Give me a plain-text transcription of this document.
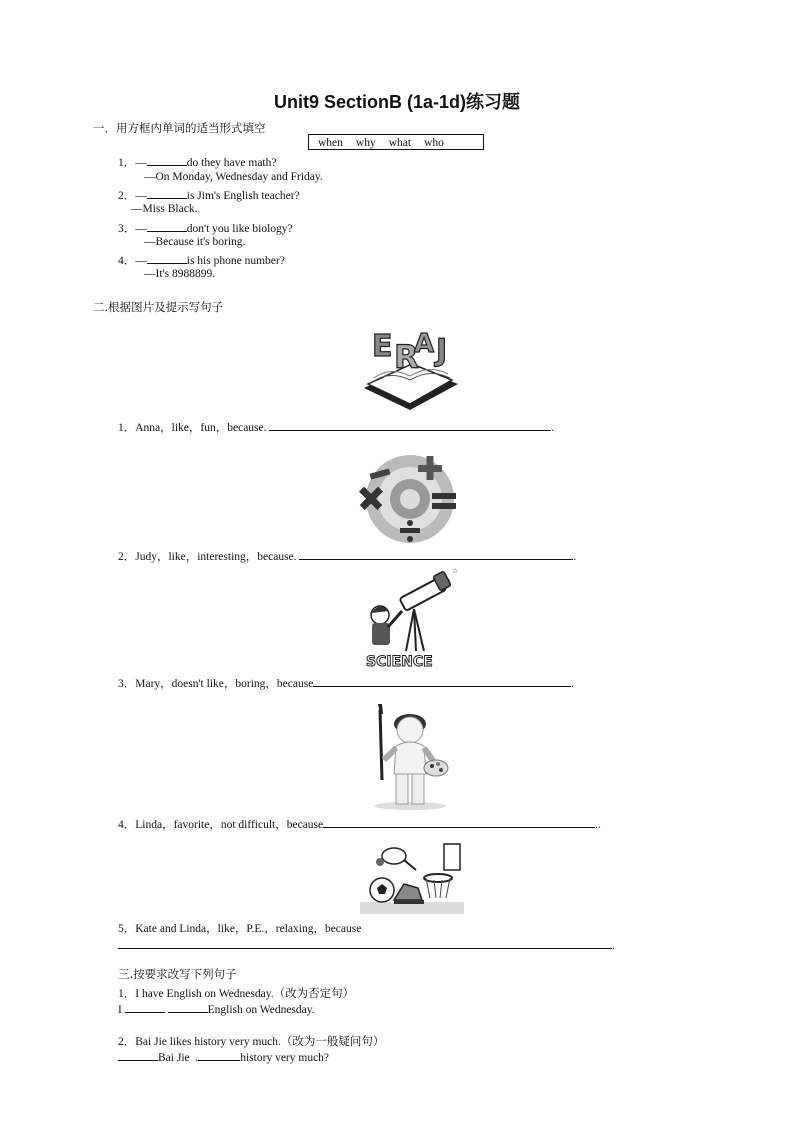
Unit9 SectionB (1a-1d)练习题
一．用方框内单词的适当形式填空
when why what who
1．—	do they have math?
—On Monday, Wednesday and Friday.
2．—	is Jim's English teacher?
—Miss Black.
3．—	don't you like biology?
—Because it's boring.
4．—	is his phone number?
—It's 8988899.
二.根据图片及提示写句子
E R
A J
1．Anna，like，fun，because.	.
2．Judy，like，interesting，because.	.
☆
°
SCIENCE
3．Mary，doesn't like，boring，because	.
4．Linda，favorite，not difficult，because	..
5．Kate and Linda，like，P.E.，relaxing，because
.
三.按要求改写下列句子
1．I have English on Wednesday.（改为否定句）
I	English on Wednesday.
2．Bai Jie likes history very much.（改为一般疑问句）
Bai Jie  .	history very much?
